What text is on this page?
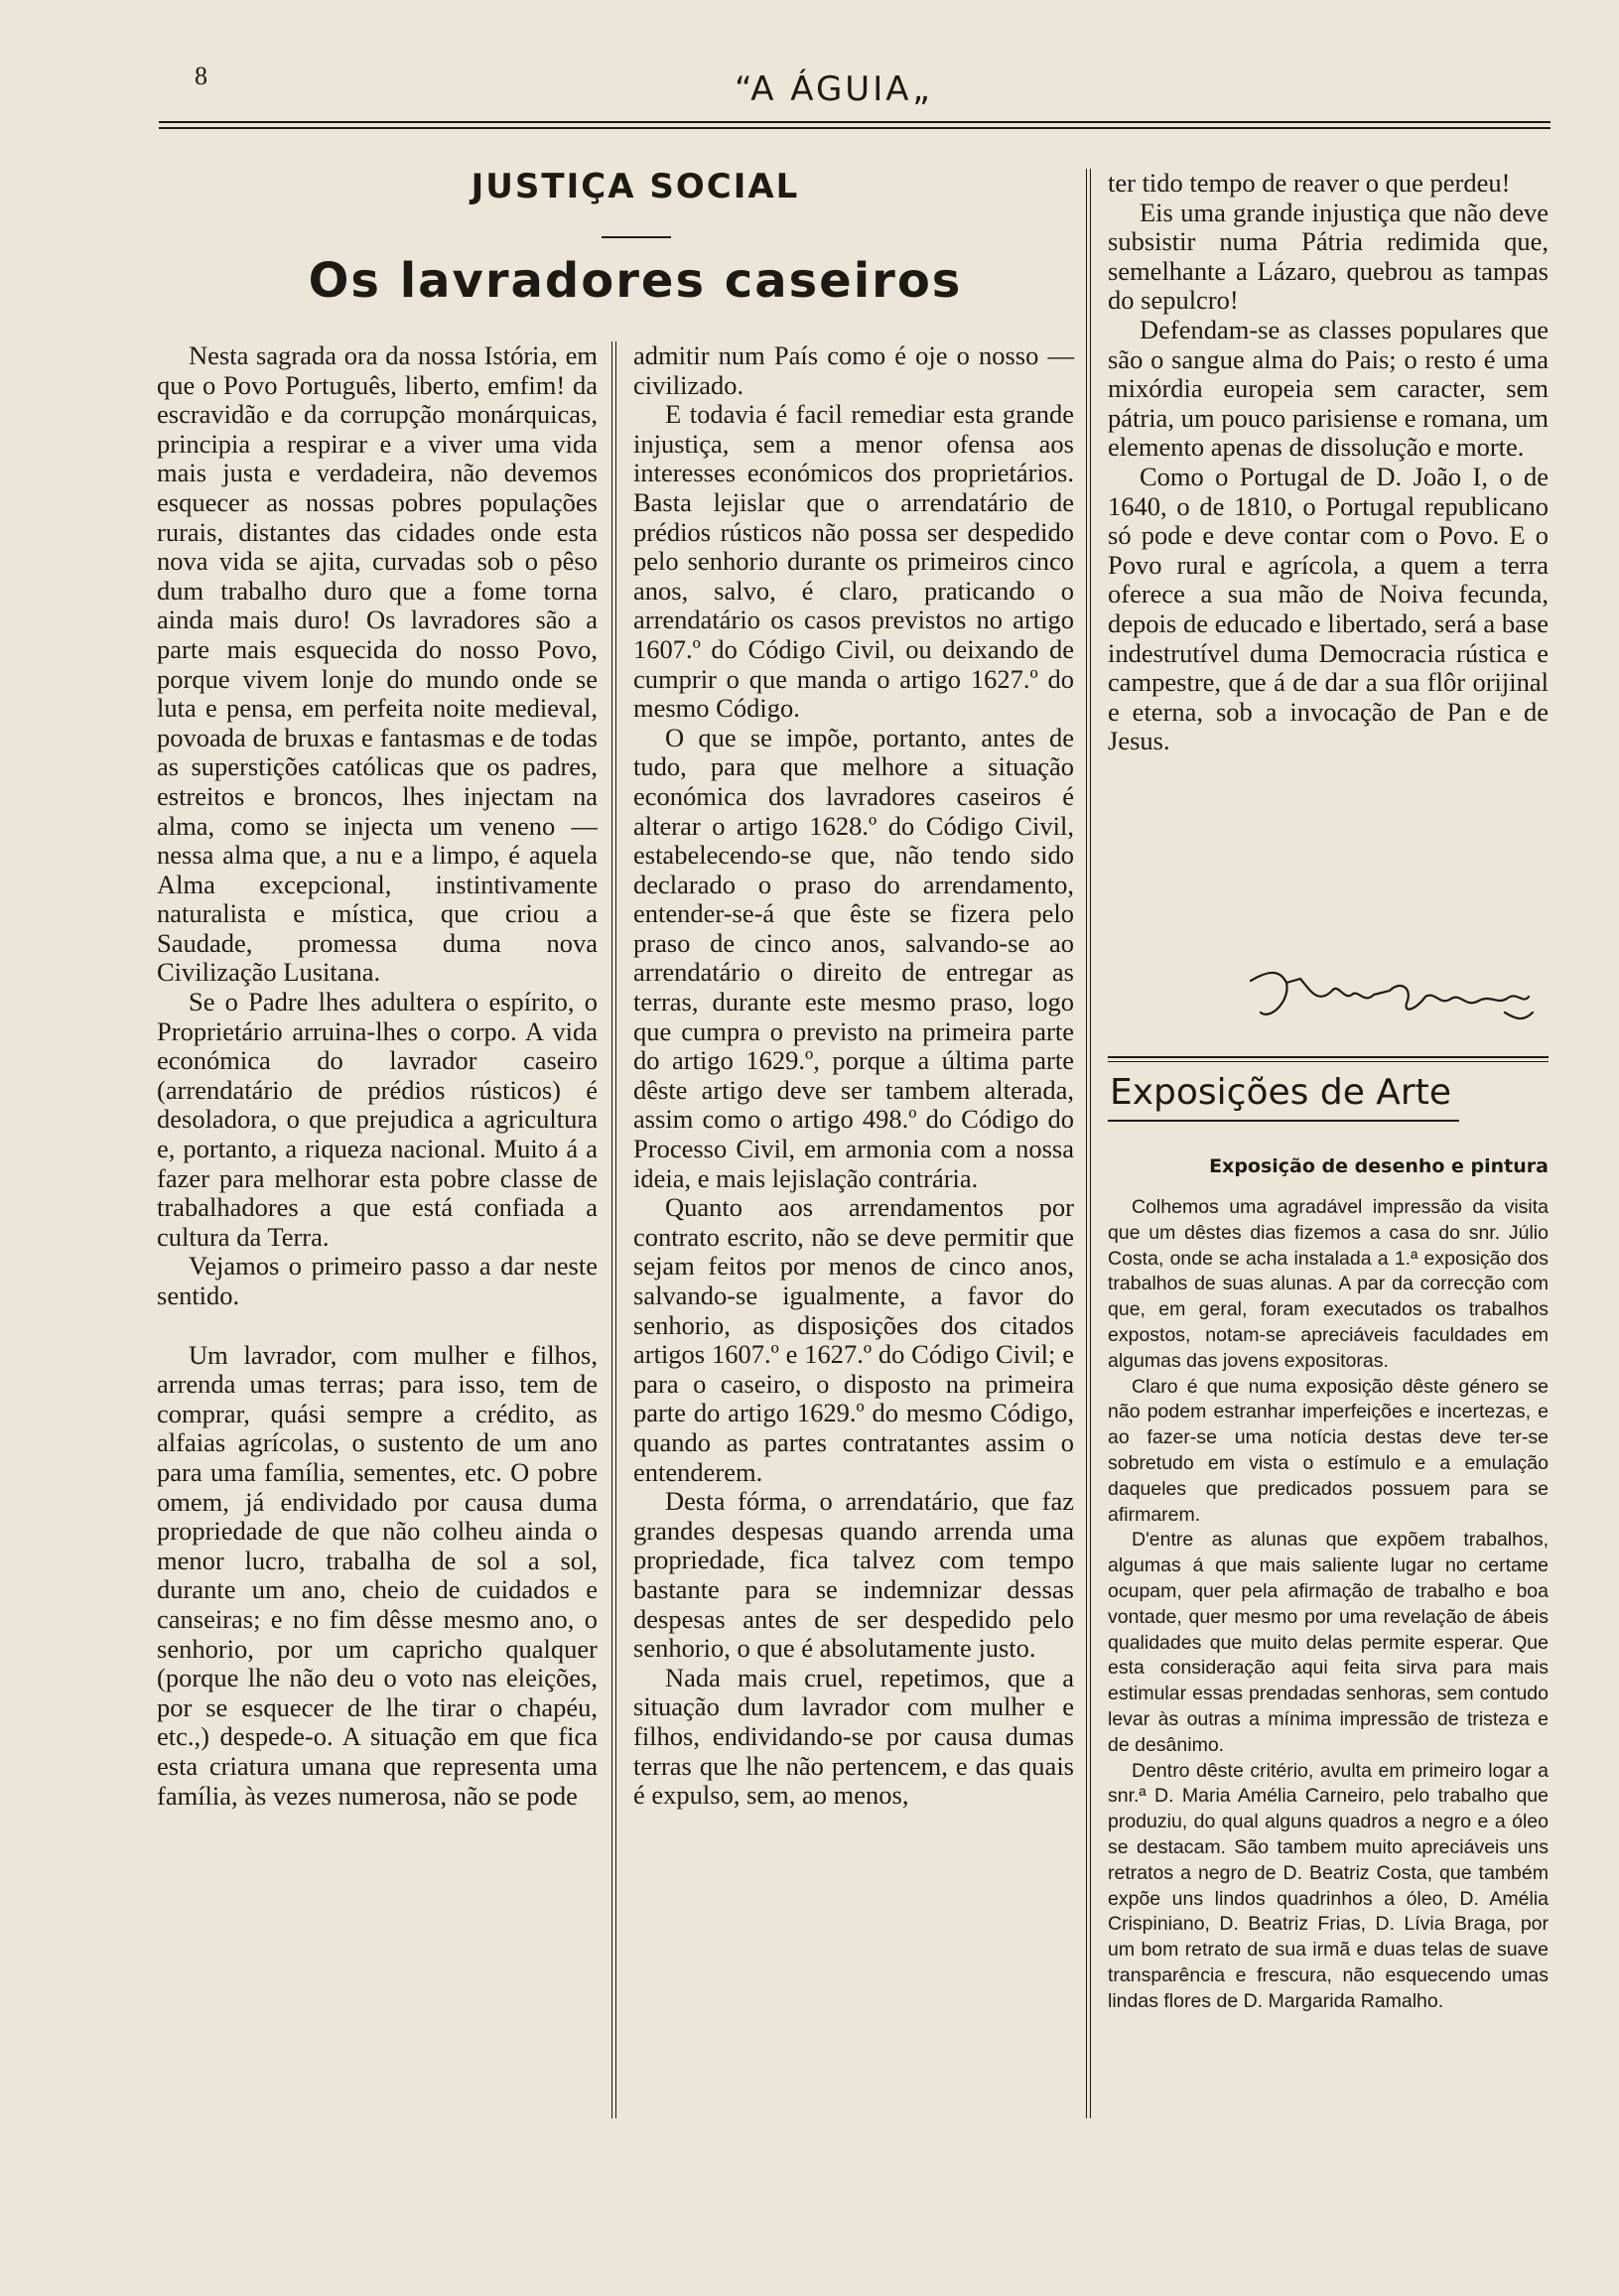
8	“A ÁGUIA„
JUSTIÇA SOCIAL
Os lavradores caseiros

Nesta sagrada ora da nossa Istória, em que o Povo Português, liberto, emfim! da escravidão e da corrupção monárquicas, principia a respirar e a viver uma vida mais justa e verdadeira, não devemos esquecer as nossas pobres populações rurais, distantes das cidades onde esta nova vida se ajita, curvadas sob o pêso dum trabalho duro que a fome torna ainda mais duro! Os lavradores são a parte mais esquecida do nosso Povo, porque vivem lonje do mundo onde se luta e pensa, em perfeita noite medieval, povoada de bruxas e fantasmas e de todas as superstições católicas que os padres, estreitos e broncos, lhes injectam na alma, como se injecta um veneno — nessa alma que, a nu e a limpo, é aquela Alma excepcional, instintivamente naturalista e mística, que criou a Saudade, promessa duma nova Civilização Lusitana.

Se o Padre lhes adultera o espírito, o Proprietário arruina-lhes o corpo. A vida económica do lavrador caseiro (arrendatário de prédios rústicos) é desoladora, o que prejudica a agricultura e, portanto, a riqueza nacional. Muito á a fazer para melhorar esta pobre classe de trabalhadores a que está confiada a cultura da Terra.

Vejamos o primeiro passo a dar neste sentido.

Um lavrador, com mulher e filhos, arrenda umas terras; para isso, tem de comprar, quási sempre a crédito, as alfaias agrícolas, o sustento de um ano para uma família, sementes, etc. O pobre omem, já endividado por causa duma propriedade de que não colheu ainda o menor lucro, trabalha de sol a sol, durante um ano, cheio de cuidados e canseiras; e no fim dêsse mesmo ano, o senhorio, por um capricho qualquer (porque lhe não deu o voto nas eleições, por se esquecer de lhe tirar o chapéu, etc.,) despede-o. A situação em que fica esta criatura umana que representa uma família, às vezes numerosa, não se pode

admitir num País como é oje o nosso — civilizado.

E todavia é facil remediar esta grande injustiça, sem a menor ofensa aos interesses económicos dos proprietários. Basta lejislar que o arrendatário de prédios rústicos não possa ser despedido pelo senhorio durante os primeiros cinco anos, salvo, é claro, praticando o arrendatário os casos previstos no artigo 1607.º do Código Civil, ou deixando de cumprir o que manda o artigo 1627.º do mesmo Código.

O que se impõe, portanto, antes de tudo, para que melhore a situação económica dos lavradores caseiros é alterar o artigo 1628.º do Código Civil, estabelecendo-se que, não tendo sido declarado o praso do arrendamento, entender-se-á que êste se fizera pelo praso de cinco anos, salvando-se ao arrendatário o direito de entregar as terras, durante este mesmo praso, logo que cumpra o previsto na primeira parte do artigo 1629.º, porque a última parte dêste artigo deve ser tambem alterada, assim como o artigo 498.º do Código do Processo Civil, em armonia com a nossa ideia, e mais lejislação contrária.

Quanto aos arrendamentos por contrato escrito, não se deve permitir que sejam feitos por menos de cinco anos, salvando-se igualmente, a favor do senhorio, as disposições dos citados artigos 1607.º e 1627.º do Código Civil; e para o caseiro, o disposto na primeira parte do artigo 1629.º do mesmo Código, quando as partes contratantes assim o entenderem.

Desta fórma, o arrendatário, que faz grandes despesas quando arrenda uma propriedade, fica talvez com tempo bastante para se indemnizar dessas despesas antes de ser despedido pelo senhorio, o que é absolutamente justo.

Nada mais cruel, repetimos, que a situação dum lavrador com mulher e filhos, endividando-se por causa dumas terras que lhe não pertencem, e das quais é expulso, sem, ao menos,

ter tido tempo de reaver o que perdeu!

Eis uma grande injustiça que não deve subsistir numa Pátria redimida que, semelhante a Lázaro, quebrou as tampas do sepulcro!

Defendam-se as classes populares que são o sangue alma do Pais; o resto é uma mixórdia europeia sem caracter, sem pátria, um pouco parisiense e romana, um elemento apenas de dissolução e morte.

Como o Portugal de D. João I, o de 1640, o de 1810, o Portugal republicano só pode e deve contar com o Povo. E o Povo rural e agrícola, a quem a terra oferece a sua mão de Noiva fecunda, depois de educado e libertado, será a base indestrutível duma Democracia rústica e campestre, que á de dar a sua flôr orijinal e eterna, sob a invocação de Pan e de Jesus.

Exposições de Arte
Exposição de desenho e pintura

Colhemos uma agradável impressão da visita que um dêstes dias fizemos a casa do snr. Júlio Costa, onde se acha instalada a 1.ª exposição dos trabalhos de suas alunas. A par da correcção com que, em geral, foram executados os trabalhos expostos, notam-se apreciáveis faculdades em algumas das jovens expositoras.

Claro é que numa exposição dêste género se não podem estranhar imperfeições e incertezas, e ao fazer-se uma notícia destas deve ter-se sobretudo em vista o estímulo e a emulação daqueles que predicados possuem para se afirmarem.

D'entre as alunas que expõem trabalhos, algumas á que mais saliente lugar no certame ocupam, quer pela afirmação de trabalho e boa vontade, quer mesmo por uma revelação de ábeis qualidades que muito delas permite esperar. Que esta consideração aqui feita sirva para mais estimular essas prendadas senhoras, sem contudo levar às outras a mínima impressão de tristeza e de desânimo.

Dentro dêste critério, avulta em primeiro logar a snr.ª D. Maria Amélia Carneiro, pelo trabalho que produziu, do qual alguns quadros a negro e a óleo se destacam. São tambem muito apreciáveis uns retratos a negro de D. Beatriz Costa, que também expõe uns lindos quadrinhos a óleo, D. Amélia Crispiniano, D. Beatriz Frias, D. Lívia Braga, por um bom retrato de sua irmã e duas telas de suave transparência e frescura, não esquecendo umas lindas flores de D. Margarida Ramalho.
